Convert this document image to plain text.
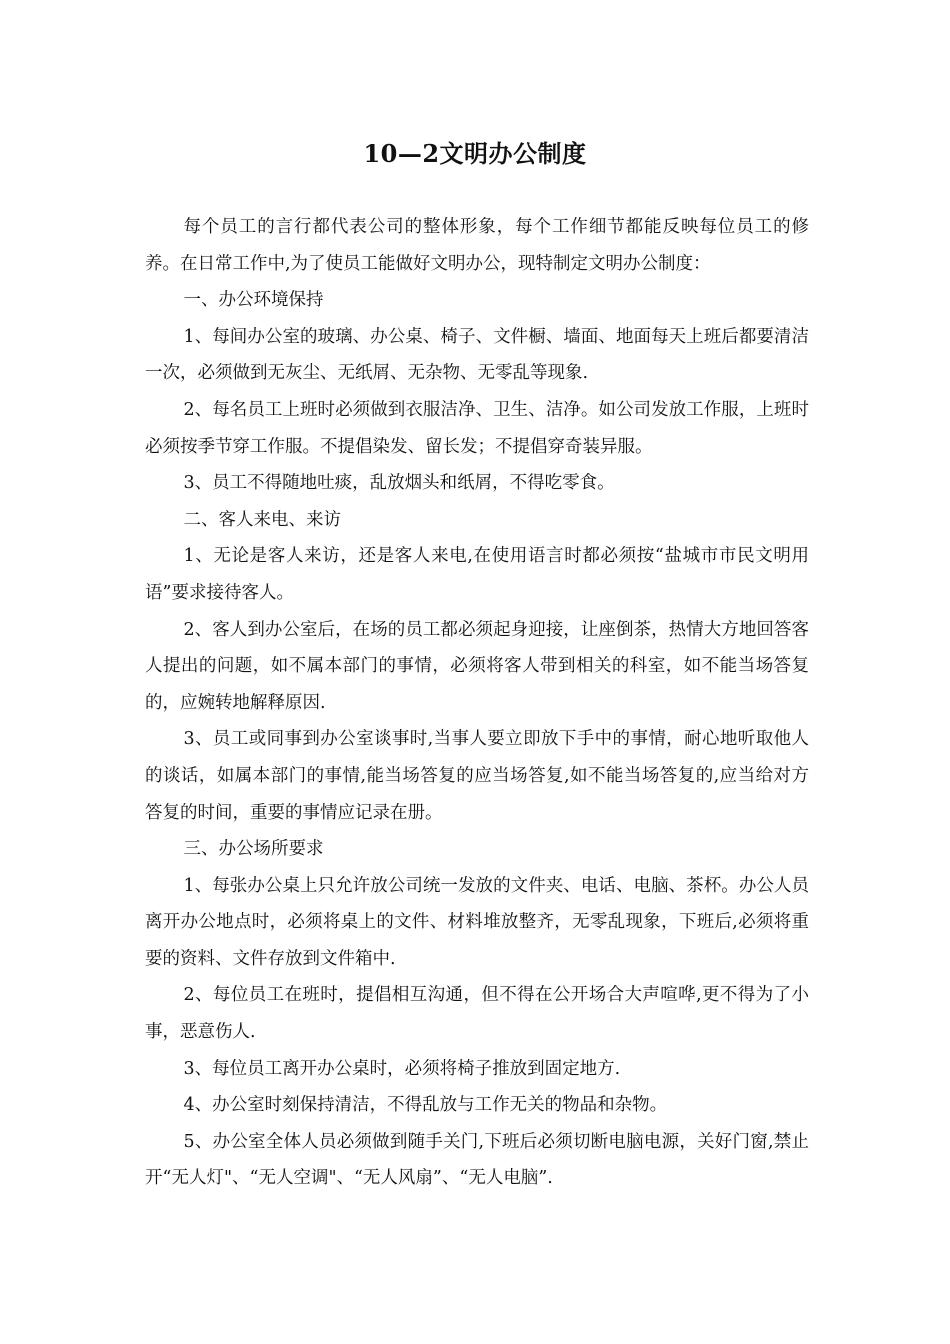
10—2文明办公制度

每个员工的言行都代表公司的整体形象，每个工作细节都能反映每位员工的修养。在日常工作中,为了使员工能做好文明办公，现特制定文明办公制度：

一、办公环境保持

1、每间办公室的玻璃、办公桌、椅子、文件橱、墙面、地面每天上班后都要清洁一次，必须做到无灰尘、无纸屑、无杂物、无零乱等现象.

2、每名员工上班时必须做到衣服洁净、卫生、洁净。如公司发放工作服，上班时必须按季节穿工作服。不提倡染发、留长发；不提倡穿奇装异服。

3、员工不得随地吐痰，乱放烟头和纸屑，不得吃零食。

二、客人来电、来访

1、无论是客人来访，还是客人来电,在使用语言时都必须按“盐城市市民文明用语”要求接待客人。

2、客人到办公室后，在场的员工都必须起身迎接，让座倒茶，热情大方地回答客人提出的问题，如不属本部门的事情，必须将客人带到相关的科室，如不能当场答复的，应婉转地解释原因.

3、员工或同事到办公室谈事时,当事人要立即放下手中的事情，耐心地听取他人的谈话，如属本部门的事情,能当场答复的应当场答复,如不能当场答复的,应当给对方答复的时间，重要的事情应记录在册。

三、办公场所要求

1、每张办公桌上只允许放公司统一发放的文件夹、电话、电脑、茶杯。办公人员离开办公地点时，必须将桌上的文件、材料堆放整齐，无零乱现象，下班后,必须将重要的资料、文件存放到文件箱中.

2、每位员工在班时，提倡相互沟通，但不得在公开场合大声喧哗,更不得为了小事，恶意伤人.

3、每位员工离开办公桌时，必须将椅子推放到固定地方.

4、办公室时刻保持清洁，不得乱放与工作无关的物品和杂物。

5、办公室全体人员必须做到随手关门,下班后必须切断电脑电源，关好门窗,禁止开“无人灯"、“无人空调"、“无人风扇”、“无人电脑”.
